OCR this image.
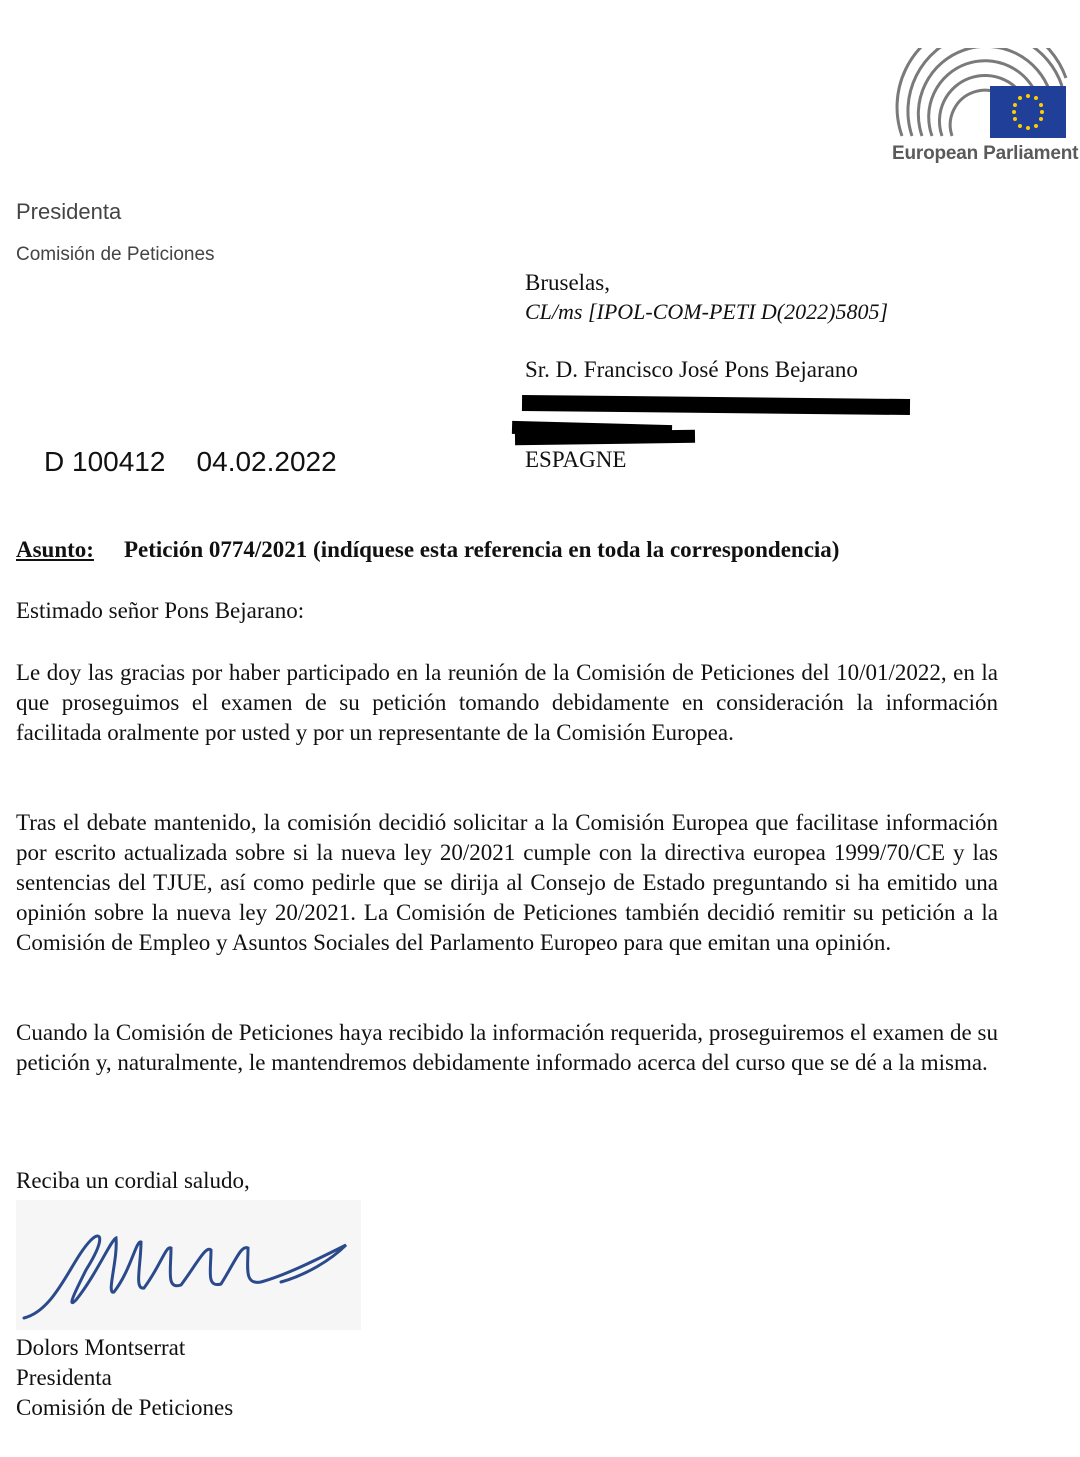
European Parliament
Presidenta
Comisión de Peticiones
Bruselas,
CL/ms [IPOL-COM-PETI D(2022)5805]
Sr. D. Francisco José Pons Bejarano
ESPAGNE
D 100412    04.02.2022
Asunto: Petición 0774/2021 (indíquese esta referencia en toda la correspondencia)
Estimado señor Pons Bejarano:
Le doy las gracias por haber participado en la reunión de la Comisión de Peticiones del 10/01/2022, en la que proseguimos el examen de su petición tomando debidamente en consideración la información facilitada oralmente por usted y por un representante de la Comisión Europea.
Tras el debate mantenido, la comisión decidió solicitar a la Comisión Europea que facilitase información por escrito actualizada sobre si la nueva ley 20/2021 cumple con la directiva europea 1999/70/CE y las sentencias del TJUE, así como pedirle que se dirija al Consejo de Estado preguntando si ha emitido una opinión sobre la nueva ley 20/2021. La Comisión de Peticiones también decidió remitir su petición a la Comisión de Empleo y Asuntos Sociales del Parlamento Europeo para que emitan una opinión.
Cuando la Comisión de Peticiones haya recibido la información requerida, proseguiremos el examen de su petición y, naturalmente, le mantendremos debidamente informado acerca del curso que se dé a la misma.
Reciba un cordial saludo,
Dolors Montserrat
Presidenta
Comisión de Peticiones
